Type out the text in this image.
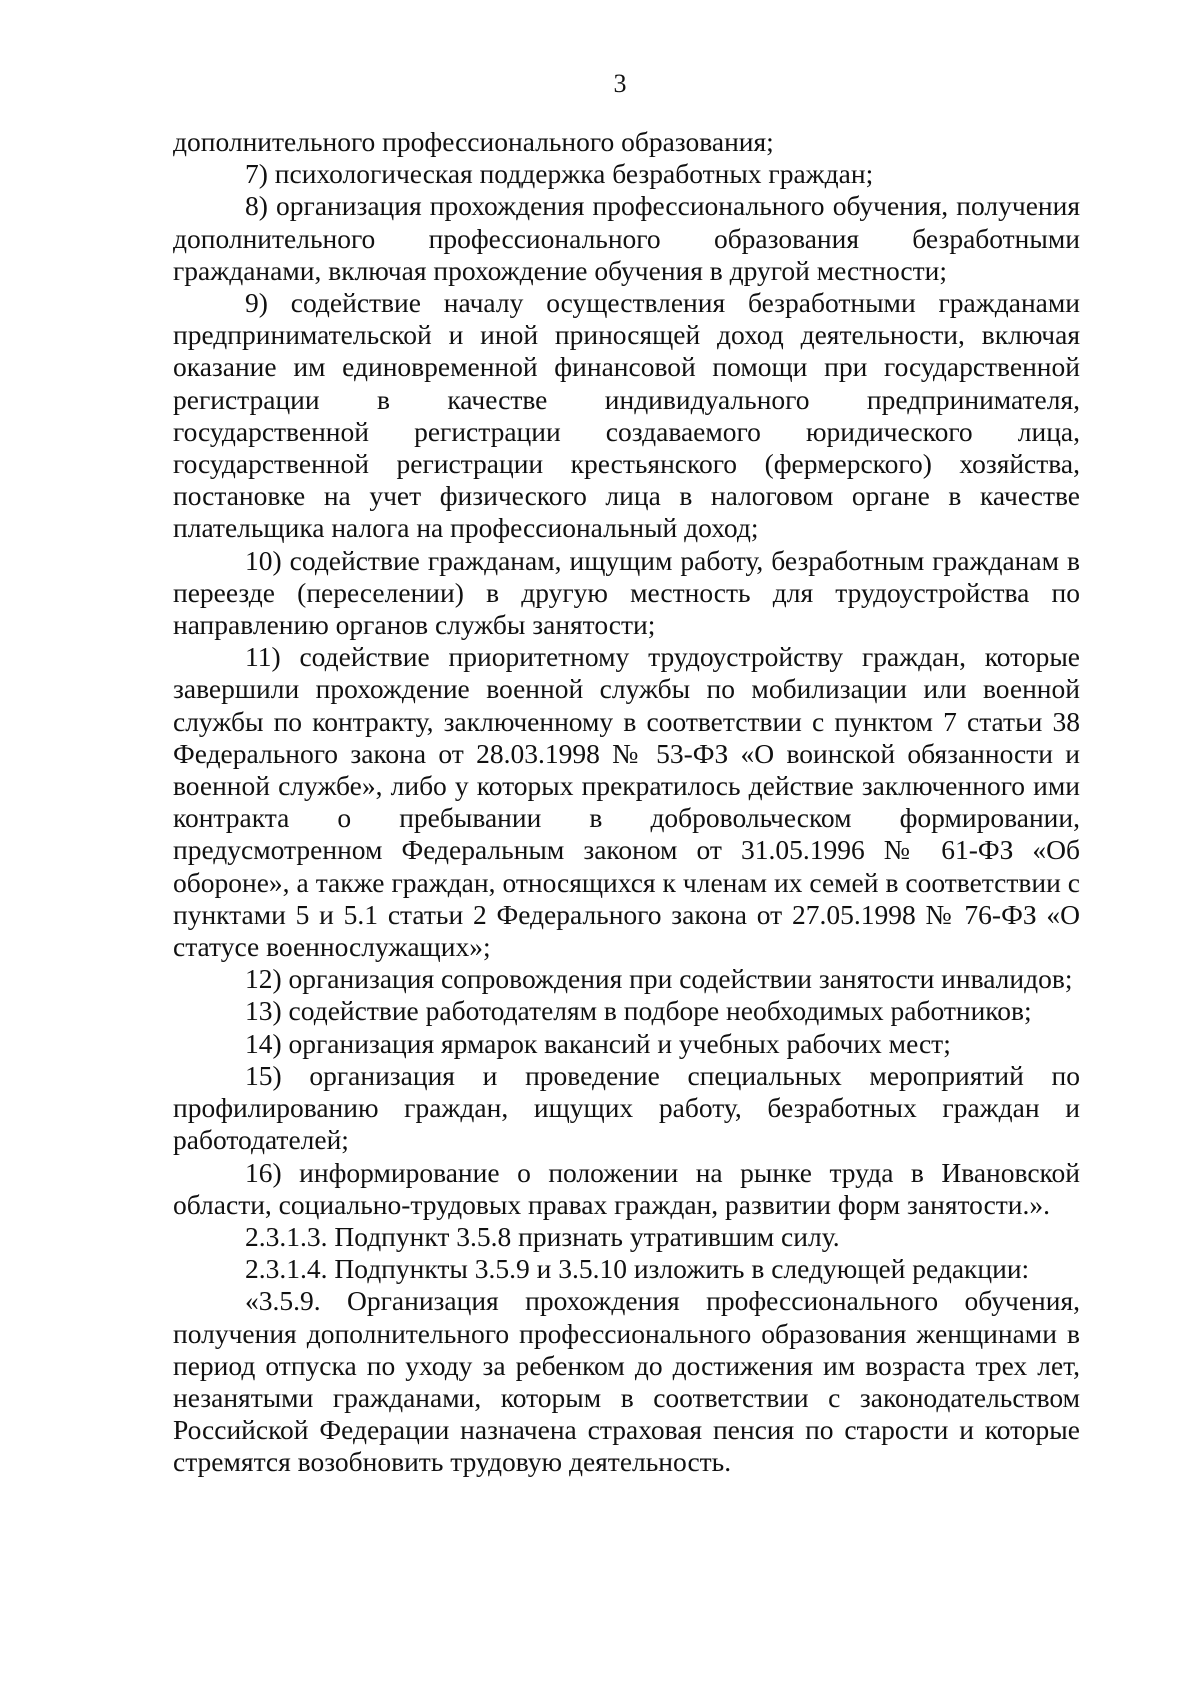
3

дополнительного профессионального образования;

7) психологическая поддержка безработных граждан;

8) организация прохождения профессионального обучения, получения дополнительного профессионального образования безработными гражданами, включая прохождение обучения в другой местности;

9) содействие началу осуществления безработными гражданами предпринимательской и иной приносящей доход деятельности, включая оказание им единовременной финансовой помощи при государственной регистрации в качестве индивидуального предпринимателя, государственной регистрации создаваемого юридического лица, государственной регистрации крестьянского (фермерского) хозяйства, постановке на учет физического лица в налоговом органе в качестве плательщика налога на профессиональный доход;

10) содействие гражданам, ищущим работу, безработным гражданам в переезде (переселении) в другую местность для трудоустройства по направлению органов службы занятости;

11) содействие приоритетному трудоустройству граждан, которые завершили прохождение военной службы по мобилизации или военной службы по контракту, заключенному в соответствии с пунктом 7 статьи 38 Федерального закона от 28.03.1998 № 53-ФЗ «О воинской обязанности и военной службе», либо у которых прекратилось действие заключенного ими контракта о пребывании в добровольческом формировании, предусмотренном Федеральным законом от 31.05.1996 № 61-ФЗ «Об обороне», а также граждан, относящихся к членам их семей в соответствии с пунктами 5 и 5.1 статьи 2 Федерального закона от 27.05.1998 № 76-ФЗ «О статусе военнослужащих»;

12) организация сопровождения при содействии занятости инвалидов;

13) содействие работодателям в подборе необходимых работников;

14) организация ярмарок вакансий и учебных рабочих мест;

15) организация и проведение специальных мероприятий по профилированию граждан, ищущих работу, безработных граждан и работодателей;

16) информирование о положении на рынке труда в Ивановской области, социально-трудовых правах граждан, развитии форм занятости.».

2.3.1.3. Подпункт 3.5.8 признать утратившим силу.

2.3.1.4. Подпункты 3.5.9 и 3.5.10 изложить в следующей редакции:

«3.5.9. Организация прохождения профессионального обучения, получения дополнительного профессионального образования женщинами в период отпуска по уходу за ребенком до достижения им возраста трех лет, незанятыми гражданами, которым в соответствии с законодательством Российской Федерации назначена страховая пенсия по старости и которые стремятся возобновить трудовую деятельность.
